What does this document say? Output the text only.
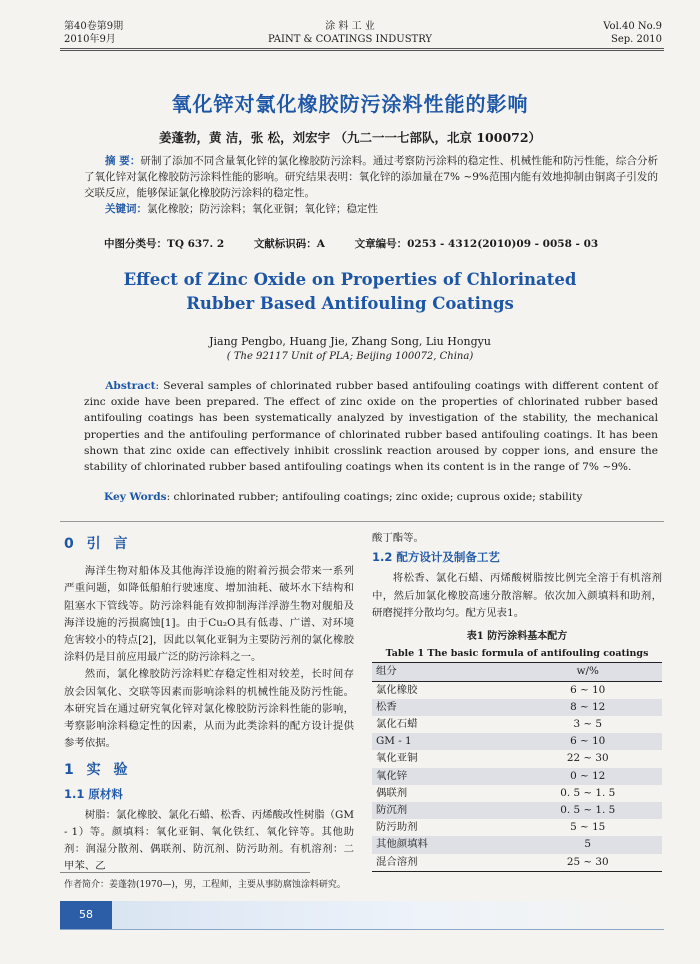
第40卷第9期
2010年9月
涂 料 工 业
PAINT & COATINGS INDUSTRY
Vol.40 No.9
Sep. 2010
氧化锌对氯化橡胶防污涂料性能的影响
姜蓬勃，黄 洁，张 松，刘宏宇 （九二一一七部队，北京 100072）
摘 要：研制了添加不同含量氧化锌的氯化橡胶防污涂料。通过考察防污涂料的稳定性、机械性能和防污性能，综合分析了氧化锌对氯化橡胶防污涂料性能的影响。研究结果表明：氧化锌的添加量在7% ~9%范围内能有效地抑制由铜离子引发的交联反应，能够保证氯化橡胶防污涂料的稳定性。
关键词：氯化橡胶；防污涂料；氧化亚铜；氧化锌；稳定性
中图分类号：TQ 637. 2	文献标识码：A	文章编号：0253 - 4312(2010)09 - 0058 - 03
Effect of Zinc Oxide on Properties of Chlorinated
Rubber Based Antifouling Coatings
Jiang Pengbo, Huang Jie, Zhang Song, Liu Hongyu
( The 92117 Unit of PLA; Beijing 100072, China)
Abstract: Several samples of chlorinated rubber based antifouling coatings with different content of zinc oxide have been prepared. The effect of zinc oxide on the properties of chlorinated rubber based antifouling coatings has been systematically analyzed by investigation of the stability, the mechanical properties and the antifouling performance of chlorinated rubber based antifouling coatings. It has been shown that zinc oxide can effectively inhibit crosslink reaction aroused by copper ions, and ensure the stability of chlorinated rubber based antifouling coatings when its content is in the range of 7% ~9%.
Key Words: chlorinated rubber; antifouling coatings; zinc oxide; cuprous oxide; stability
0 引 言

海洋生物对船体及其他海洋设施的附着污损会带来一系列严重问题，如降低船舶行驶速度、增加油耗、破坏水下结构和阻塞水下管线等。防污涂料能有效抑制海洋浮游生物对舰船及海洋设施的污损腐蚀[1]。由于Cu₂O具有低毒、广谱、对环境危害较小的特点[2]，因此以氧化亚铜为主要防污剂的氯化橡胶涂料仍是目前应用最广泛的防污涂料之一。

然而，氯化橡胶防污涂料贮存稳定性相对较差，长时间存放会因氧化、交联等因素而影响涂料的机械性能及防污性能。本研究旨在通过研究氧化锌对氯化橡胶防污涂料性能的影响，考察影响涂料稳定性的因素，从而为此类涂料的配方设计提供参考依据。

1 实 验
1.1 原材料

树脂：氯化橡胶、氯化石蜡、松香、丙烯酸改性树脂（GM - 1）等。颜填料：氧化亚铜、氧化铁红、氧化锌等。其他助剂：润湿分散剂、偶联剂、防沉剂、防污助剂。有机溶剂：二甲苯、乙

酸丁酯等。
1.2 配方设计及制备工艺

将松香、氯化石蜡、丙烯酸树脂按比例完全溶于有机溶剂中，然后加氯化橡胶高速分散溶解。依次加入颜填料和助剂，研磨搅拌分散均匀。配方见表1。

表1 防污涂料基本配方
Table 1 The basic formula of antifouling coatings
组分	w/%
氯化橡胶	6 ~ 10
松香	8 ~ 12
氯化石蜡	3 ~ 5
GM - 1	6 ~ 10
氧化亚铜	22 ~ 30
氧化锌	0 ~ 12
偶联剂	0. 5 ~ 1. 5
防沉剂	0. 5 ~ 1. 5
防污助剂	5 ~ 15
其他颜填料	5
混合溶剂	25 ~ 30
作者简介：姜蓬勃(1970—)，男，工程师，主要从事防腐蚀涂料研究。
58
